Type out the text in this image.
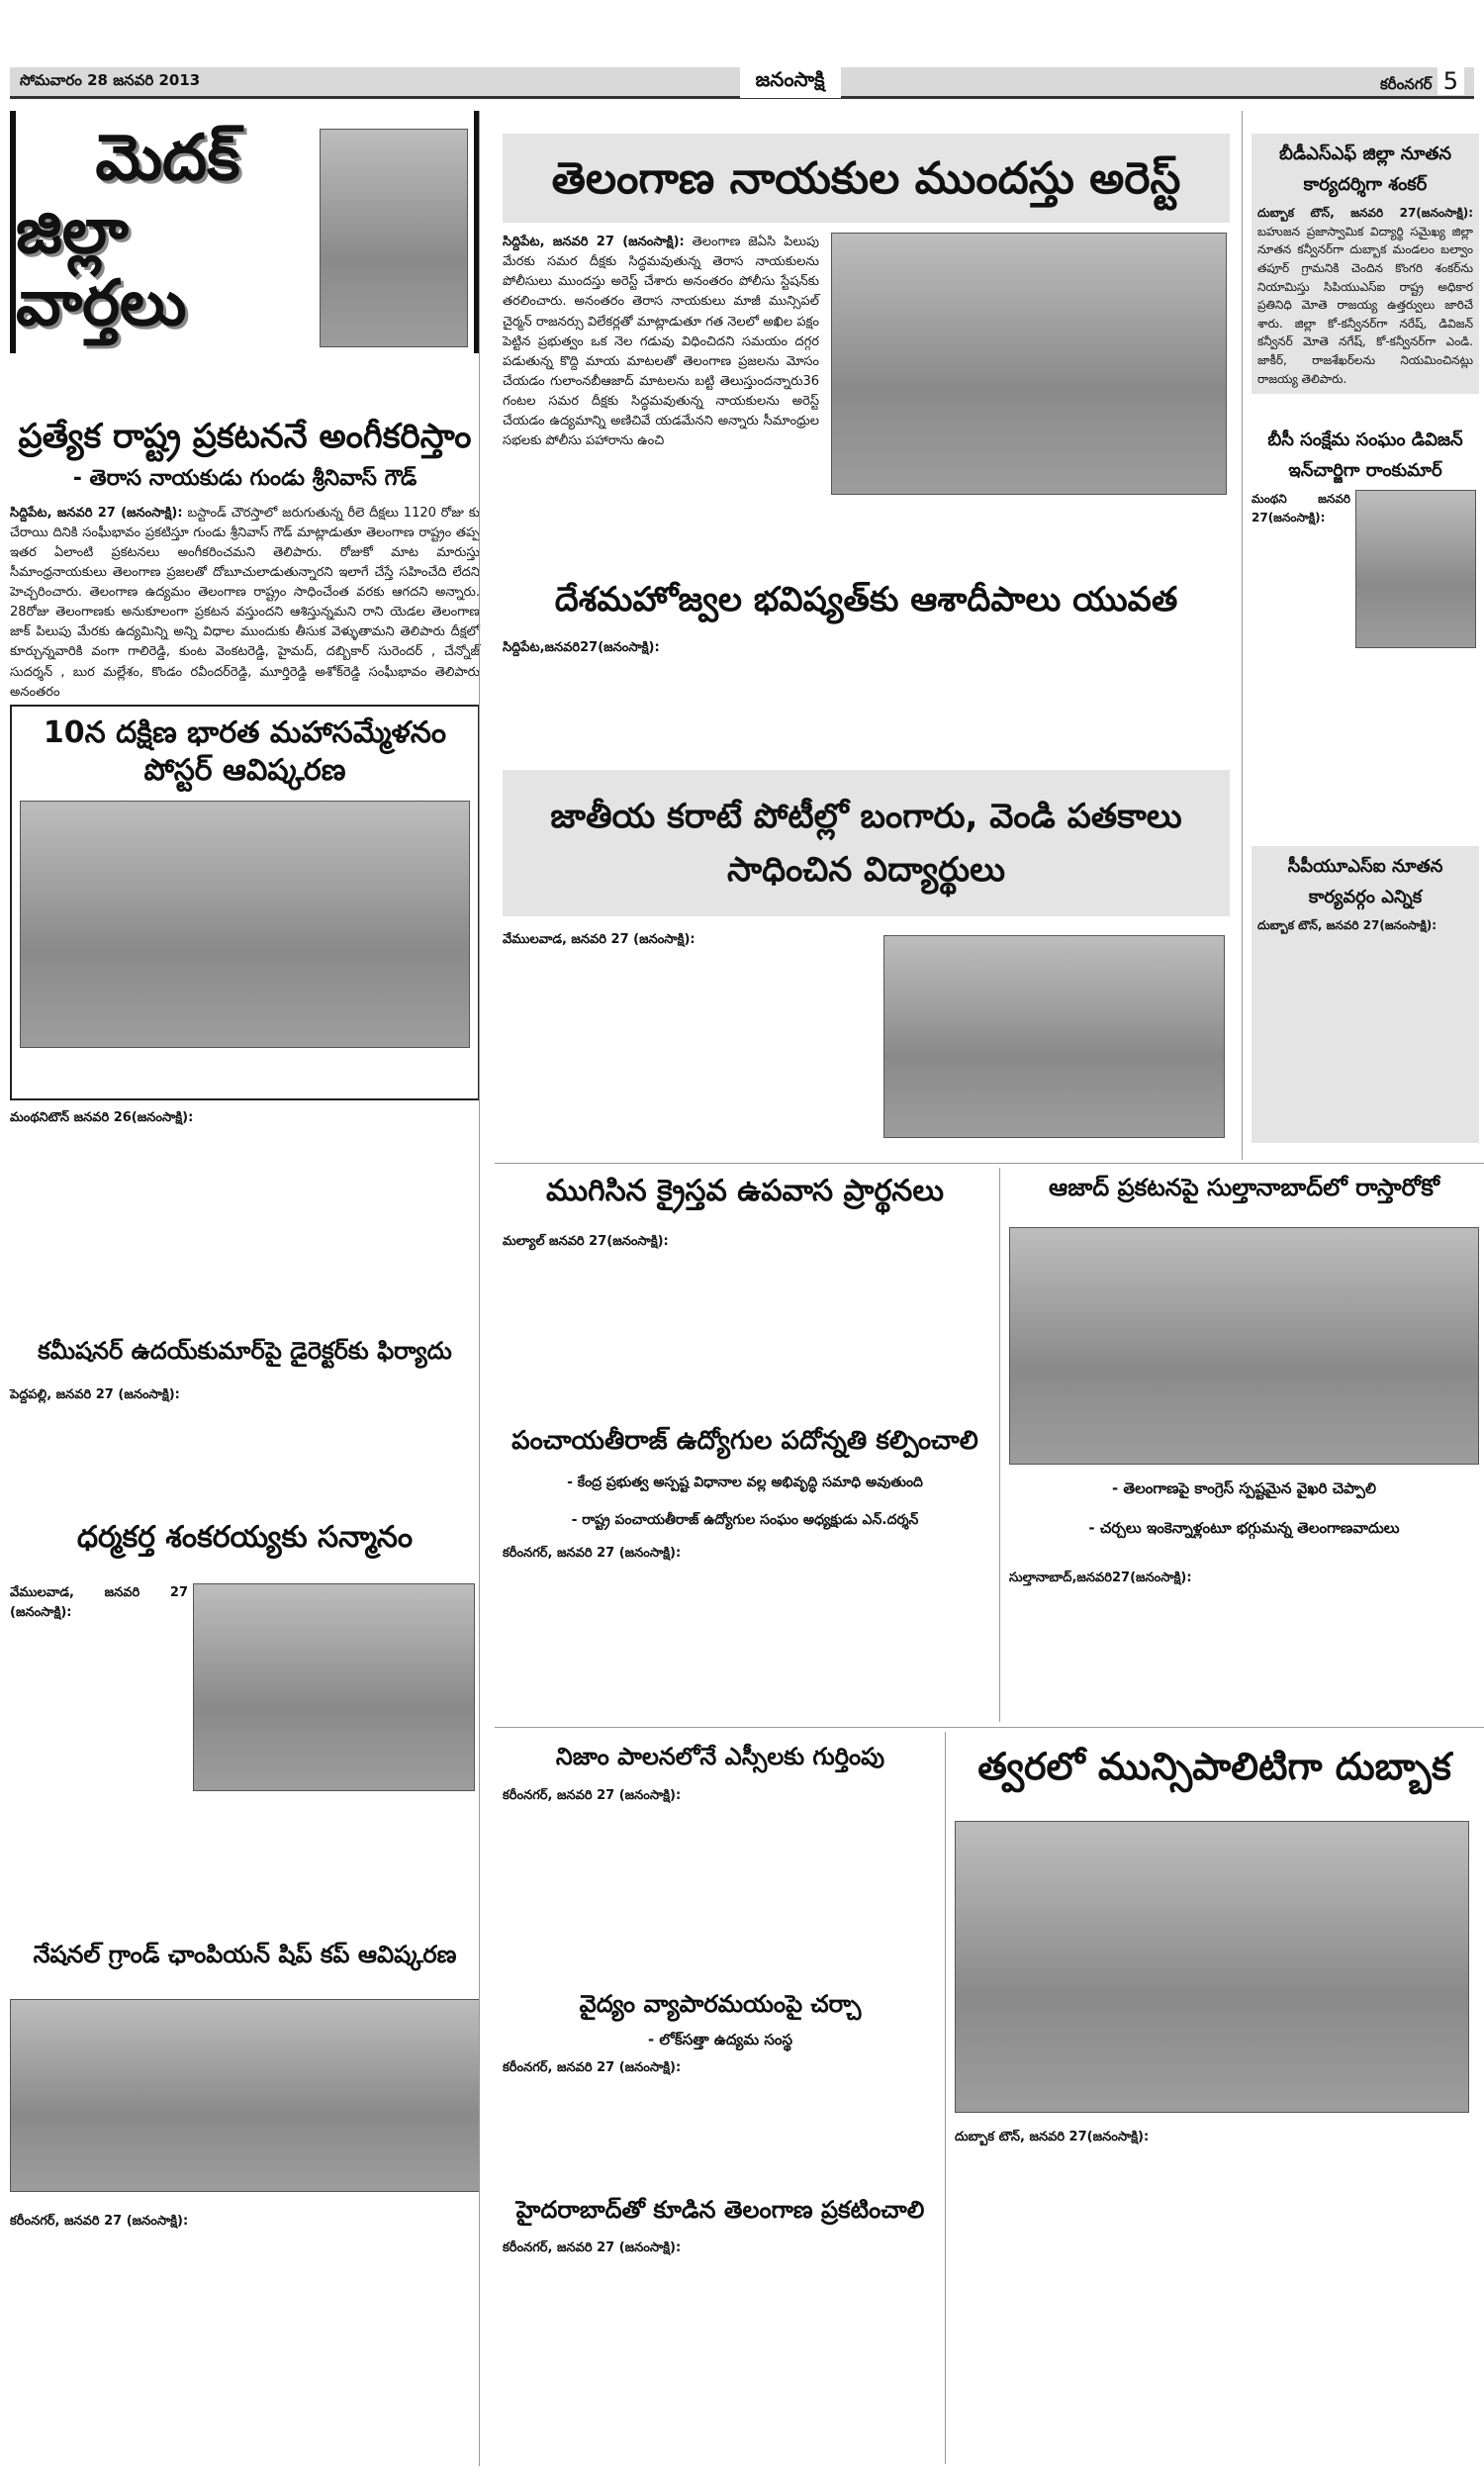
సోమవారం 28 జనవరి 2013	జనంసాక్షి	కరీంనగర్ 5
మెదక్
జిల్లా వార్తలు
ప్రత్యేక రాష్ట్ర ప్రకటననే అంగీకరిస్తాం
- తెరాస నాయకుడు గుండు శ్రీనివాస్ గౌడ్

సిద్దిపేట, జనవరి 27 (జనంసాక్షి): బస్టాండ్ చౌరస్తాలో జరుగుతున్న రీలె దీక్షలు 1120 రోజు కు చేరాయి దినికి సంఘీభావం ప్రకటిస్తూ గుండు శ్రీనివాస్ గౌడ్ మాట్లాడుతూ తెలంగాణ రాష్ట్రం తప్ప ఇతర ఏలాంటి ప్రకటనలు అంగీకరించమని తెలిపారు. రోజుకో మాట మారుస్తు సీమాంధ్రనాయకులు తెలంగాణ ప్రజలతో దోబూచులాడుతున్నారని ఇలాగే చేస్తే సహించేది లేదని హెచ్చరించారు. తెలంగాణ ఉద్యమం తెలంగాణ రాష్ట్రం సాధించేంత వరకు ఆగదని అన్నారు. 28రోజు తెలంగాణకు అనుకూలంగా ప్రకటన వస్తుందని ఆశిస్తున్నమని రాని యెడల తెలంగాణ జాక్ పిలుపు మేరకు ఉద్యమిన్ని అన్ని విధాల ముందుకు తీసుక వెళ్ళుతామని తెలిపారు దీక్షలో కూర్చున్నవారికి వంగా గాలిరెడ్డి, కుంట వెంకటరెడ్డి, హైమద్, దబ్బికార్ సురెందర్ , చేన్నోజ్ సుదర్శన్ , బుర మల్లేశం, కొండం రవీందర్‌రెడ్డి, మూర్తిరెడ్డి అశోక్‌రెడ్డి సంఘీభావం తెలిపారు అనంతరం

10న దక్షిణ భారత మహాసమ్మేళనం పోస్టర్ ఆవిష్కరణ

మంథనిటౌన్ జనవరి 26(జనంసాక్షి):

కమీషనర్ ఉదయ్‌కుమార్‌పై డైరెక్టర్‌కు ఫిర్యాదు

పెద్దపల్లి, జనవరి 27 (జనంసాక్షి):

ధర్మకర్త శంకరయ్యకు సన్మానం

వేములవాడ, జనవరి 27 (జనంసాక్షి):

నేషనల్ గ్రాండ్ ఛాంపియన్ షిప్ కప్ ఆవిష్కరణ

కరీంనగర్, జనవరి 27 (జనంసాక్షి):

తెలంగాణ నాయకుల ముందస్తు అరెస్ట్

సిద్దిపేట, జనవరి 27 (జనంసాక్షి): తెలంగాణ జెఏసి పిలుపు మేరకు సమర దీక్షకు సిద్ధమవుతున్న తెరాస నాయకులను పోలీసులు ముందస్తు అరెస్ట్ చేశారు అనంతరం పోలీసు స్టేషన్‌కు తరలించారు. అనంతరం తెరాస నాయకులు మాజీ మున్సిపల్ చైర్మన్ రాజనర్సు విలేకర్లతో మాట్లాడుతూ గత నెలలో అఖిల పక్షం పెట్టిన ప్రభుత్వం ఒక నెల గడువు విధించిదని సమయం దగ్గర పడుతున్న కొద్ది మాయ మాటలతో తెలంగాణ ప్రజలను మోసం చేయడం గులాంనబీఆజాద్ మాటలను బట్టి తెలుస్తుందన్నారు36 గంటల సమర దీక్షకు సిద్ధమవుతున్న నాయకులను అరెస్ట్ చేయడం ఉద్యమాన్ని అణిచివే యడమేనని అన్నారు సీమాంధ్రుల సభలకు పోలీసు పహారాను ఉంచి

దేశమహోజ్వల భవిష్యత్‌కు ఆశాదీపాలు యువత

సిద్దిపేట,జనవరి27(జనంసాక్షి):

జాతీయ కరాటే పోటీల్లో బంగారు, వెండి పతకాలు సాధించిన విద్యార్థులు

వేములవాడ, జనవరి 27 (జనంసాక్షి):

ముగిసిన క్రైస్తవ ఉపవాస ప్రార్థనలు

మల్యాల్ జనవరి 27(జనంసాక్షి):

పంచాయతీరాజ్ ఉద్యోగుల పదోన్నతి కల్పించాలి
- కేంద్ర ప్రభుత్వ అస్పష్ట విధానాల వల్ల అభివృద్ధి సమాధి అవుతుంది
- రాష్ట్ర పంచాయతీరాజ్ ఉద్యోగుల సంఘం అధ్యక్షుడు ఎన్.దర్శన్

కరీంనగర్, జనవరి 27 (జనంసాక్షి):

ఆజాద్ ప్రకటనపై సుల్తానాబాద్‌లో రాస్తారోకో
- తెలంగాణపై కాంగ్రెస్ స్పష్టమైన వైఖరి చెప్పాలి
- చర్చలు ఇంకెన్నాళ్లంటూ భగ్గుమన్న తెలంగాణవాదులు

సుల్తానాబాద్,జనవరి27(జనంసాక్షి):

నిజాం పాలనలోనే ఎస్సీలకు గుర్తింపు

కరీంనగర్, జనవరి 27 (జనంసాక్షి):

వైద్యం వ్యాపారమయంపై చర్చా
- లోక్‌సత్తా ఉద్యమ సంస్థ

కరీంనగర్, జనవరి 27 (జనంసాక్షి):

హైదరాబాద్‌తో కూడిన తెలంగాణ ప్రకటించాలి

కరీంనగర్, జనవరి 27 (జనంసాక్షి):

త్వరలో మున్సిపాలిటిగా దుబ్బాక

దుబ్బాక టౌన్, జనవరి 27(జనంసాక్షి):

బీడీఎస్ఎఫ్ జిల్లా నూతన కార్యదర్శిగా శంకర్

దుబ్బాక టౌన్, జనవరి 27(జనంసాక్షి): బహుజన ప్రజాస్వామిక విద్యార్థి సమైఖ్య జిల్లా నూతన కన్వీనర్‌గా దుబ్బాక మండలం బల్వాం తపూర్ గ్రామనికి చెందిన కొంగరి శంకర్‌ను నియామిస్తు సిపియుఎస్ఐ రాష్ట్ర అధికార ప్రతినిధి మోతె రాజయ్య ఉత్తర్వులు జారిచే శారు. జిల్లా కో-కన్వీనర్‌గా నరేష్, డివిజన్ కన్వీనర్ మోతె నగేష్, కో-కన్వీనర్‌గా ఎండి. జాకీర్, రాజశేఖర్‌లను నియమించినట్లు రాజయ్య తెలిపారు.

బీసీ సంక్షేమ సంఘం డివిజన్ ఇన్‌చార్జిగా రాంకుమార్

మంథని జనవరి 27(జనంసాక్షి):

సీపీయూఎస్ఐ నూతన కార్యవర్గం ఎన్నిక

దుబ్బాక టౌన్, జనవరి 27(జనంసాక్షి):
